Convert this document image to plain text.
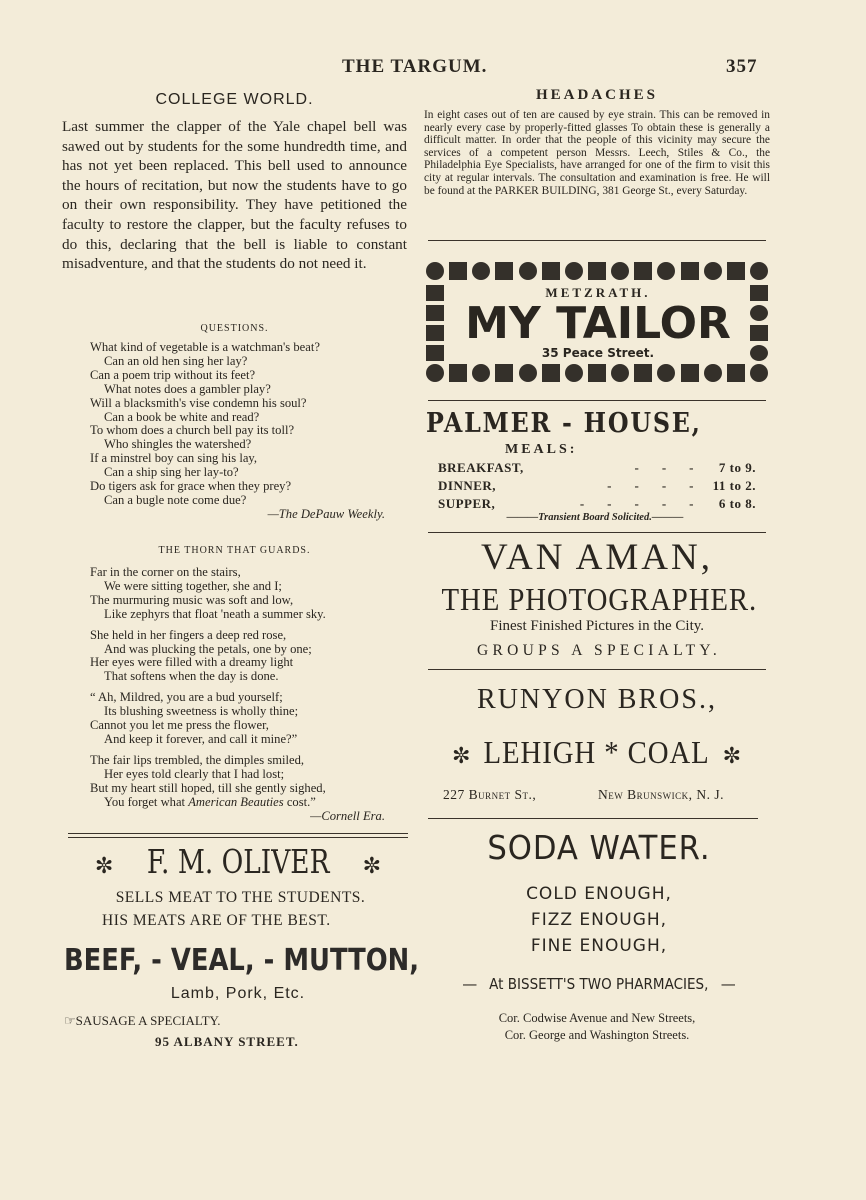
THE TARGUM.	357
COLLEGE WORLD.

Last summer the clapper of the Yale chapel bell was sawed out by students for the some hundredth time, and has not yet been replaced. This bell used to announce the hours of recitation, but now the students have to go on their own responsibility. They have petitioned the faculty to restore the clapper, but the faculty refuses to do this, declaring that the bell is liable to constant misadventure, and that the students do not need it.

QUESTIONS.
What kind of vegetable is a watchman's beat?
Can an old hen sing her lay?
Can a poem trip without its feet?
What notes does a gambler play?
Will a blacksmith's vise condemn his soul?
Can a book be white and read?
To whom does a church bell pay its toll?
Who shingles the watershed?
If a minstrel boy can sing his lay,
Can a ship sing her lay-to?
Do tigers ask for grace when they prey?
Can a bugle note come due?
—The DePauw Weekly.
THE THORN THAT GUARDS.
Far in the corner on the stairs,
We were sitting together, she and I;
The murmuring music was soft and low,
Like zephyrs that float 'neath a summer sky.
She held in her fingers a deep red rose,
And was plucking the petals, one by one;
Her eyes were filled with a dreamy light
That softens when the day is done.
“ Ah, Mildred, you are a bud yourself;
Its blushing sweetness is wholly thine;
Cannot you let me press the flower,
And keep it forever, and call it mine?”
The fair lips trembled, the dimples smiled,
Her eyes told clearly that I had lost;
But my heart still hoped, till she gently sighed,
You forget what American Beauties cost.”
—Cornell Era.
✼ F. M. OLIVER ✼
SELLS MEAT TO THE STUDENTS.
HIS MEATS ARE OF THE BEST.
BEEF, - VEAL, - MUTTON,
Lamb, Pork, Etc.
☞SAUSAGE A SPECIALTY.
95 ALBANY STREET.
HEADACHES

In eight cases out of ten are caused by eye strain. This can be removed in nearly every case by properly-fitted glasses To obtain these is generally a difficult matter. In order that the people of this vicinity may secure the services of a competent person Messrs. Leech, Stiles & Co., the Philadelphia Eye Specialists, have arranged for one of the firm to visit this city at regular intervals. The consultation and examination is free. He will be found at the PARKER BUILDING, 381 George St., every Saturday.

METZRATH.
MY TAILOR
35 Peace Street.
PALMER - HOUSE,
MEALS:
BREAKFAST,	-      -      -	7 to 9.
DINNER,	-      -      -      -	11 to 2.
SUPPER,	-      -      -      -      -	6 to 8.
———Transient Board Solicited.———
VAN AMAN,
THE PHOTOGRAPHER.
Finest Finished Pictures in the City.
GROUPS A SPECIALTY.
RUNYON BROS.,
✼ LEHIGH * COAL ✼
227 Burnet St.,	New Brunswick, N. J.
SODA WATER.
COLD ENOUGH,
FIZZ ENOUGH,
FINE ENOUGH,
— At BISSETT'S TWO PHARMACIES, —
Cor. Codwise Avenue and New Streets,
Cor. George and Washington Streets.
